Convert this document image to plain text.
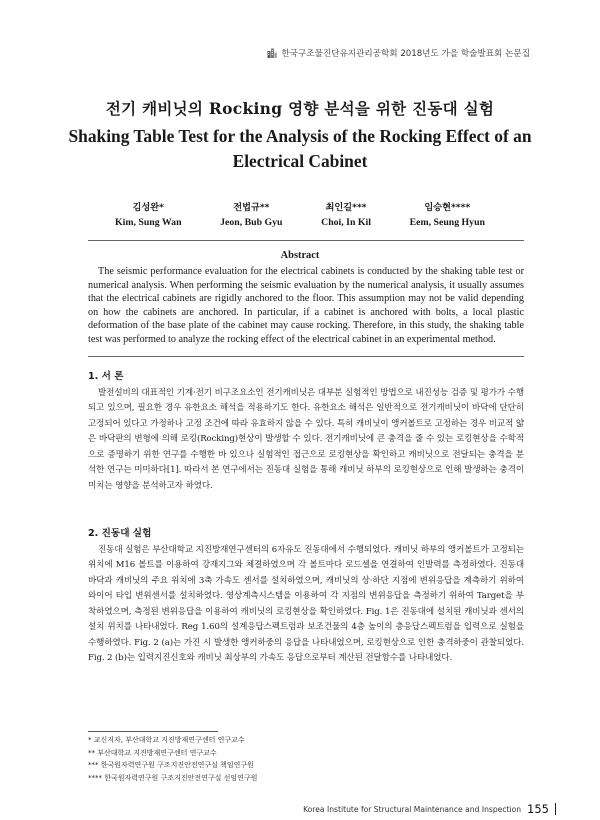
한국구조물진단유지관리공학회 2018년도 가을 학술발표회 논문집
전기 캐비닛의 Rocking 영향 분석을 위한 진동대 실험
Shaking Table Test for the Analysis of the Rocking Effect of an Electrical Cabinet
김성완*
Kim, Sung Wan
전법규**
Jeon, Bub Gyu
최인길***
Choi, In Kil
임승현****
Eem, Seung Hyun
Abstract

The seismic performance evaluation for the electrical cabinets is conducted by the shaking table test or numerical analysis. When performing the seismic evaluation by the numerical analysis, it usually assumes that the electrical cabinets are rigidly anchored to the floor. This assumption may not be valid depending on how the cabinets are anchored. In particular, if a cabinet is anchored with bolts, a local plastic deformation of the base plate of the cabinet may cause rocking. Therefore, in this study, the shaking table test was performed to analyze the rocking effect of the electrical cabinet in an experimental method.

1. 서 론

발전설비의 대표적인 기계·전기 비구조요소인 전기캐비닛은 대부분 실험적인 방법으로 내진성능 검증 및 평가가 수행되고 있으며, 필요한 경우 유한요소 해석을 적용하기도 한다. 유한요소 해석은 일반적으로 전기캐비닛이 바닥에 단단히 고정되어 있다고 가정하나 고정 조건에 따라 유효하지 않을 수 있다. 특히 캐비닛이 앵커볼트로 고정하는 경우 비교적 얇은 바닥판의 변형에 의해 로킹(Rocking)현상이 발생할 수 있다. 전기캐비닛에 큰 충격을 줄 수 있는 로킹현상을 수학적으로 증명하기 위한 연구를 수행한 바 있으나 실험적인 접근으로 로킹현상을 확인하고 캐비닛으로 전달되는 충격을 분석한 연구는 미미하다[1]. 따라서 본 연구에서는 진동대 실험을 통해 캐비닛 하부의 로킹현상으로 인해 발생하는 충격이 미치는 영향을 분석하고자 하였다.

2. 진동대 실험

진동대 실험은 부산대학교 지진방재연구센터의 6자유도 진동대에서 수행되었다. 캐비닛 하부의 앵커볼트가 고정되는 위치에 M16 볼트를 이용하여 강재지그와 체결하였으며 각 볼트마다 로드셀을 연결하여 인발력를 측정하였다. 진동대 바닥과 캐비닛의 주요 위치에 3축 가속도 센서를 설치하였으며, 캐비닛의 상·하단 지점에 변위응답을 계측하기 위하여 와이어 타입 변위센서를 설치하였다. 영상계측시스템을 이용하여 각 지점의 변위응답을 측정하기 위하여 Target을 부착하였으며, 측정된 변위응답을 이용하여 캐비닛의 로킹현상을 확인하였다. Fig. 1은 진동대에 설치된 캐비닛과 센서의 설치 위치를 나타내었다. Reg 1.60의 설계응답스펙트럼과 보조건물의 4층 높이의 층응답스펙트럼을 입력으로 실험을 수행하였다. Fig. 2 (a)는 가진 시 발생한 앵커하중의 응답을 나타내었으며, 로킹현상으로 인한 충격하중이 관찰되었다. Fig. 2 (b)는 입력지진신호와 캐비닛 최상부의 가속도 응답으로부터 계산된 전달함수를 나타내었다.

* 교신저자, 부산대학교 지진방재연구센터 연구교수
** 부산대학교 지진방재연구센터 연구교수
*** 한국원자력연구원 구조지진안전연구실 책임연구원
**** 한국원자력연구원 구조지진안전연구실 선임연구원
Korea Institute for Structural Maintenance and Inspection 155
